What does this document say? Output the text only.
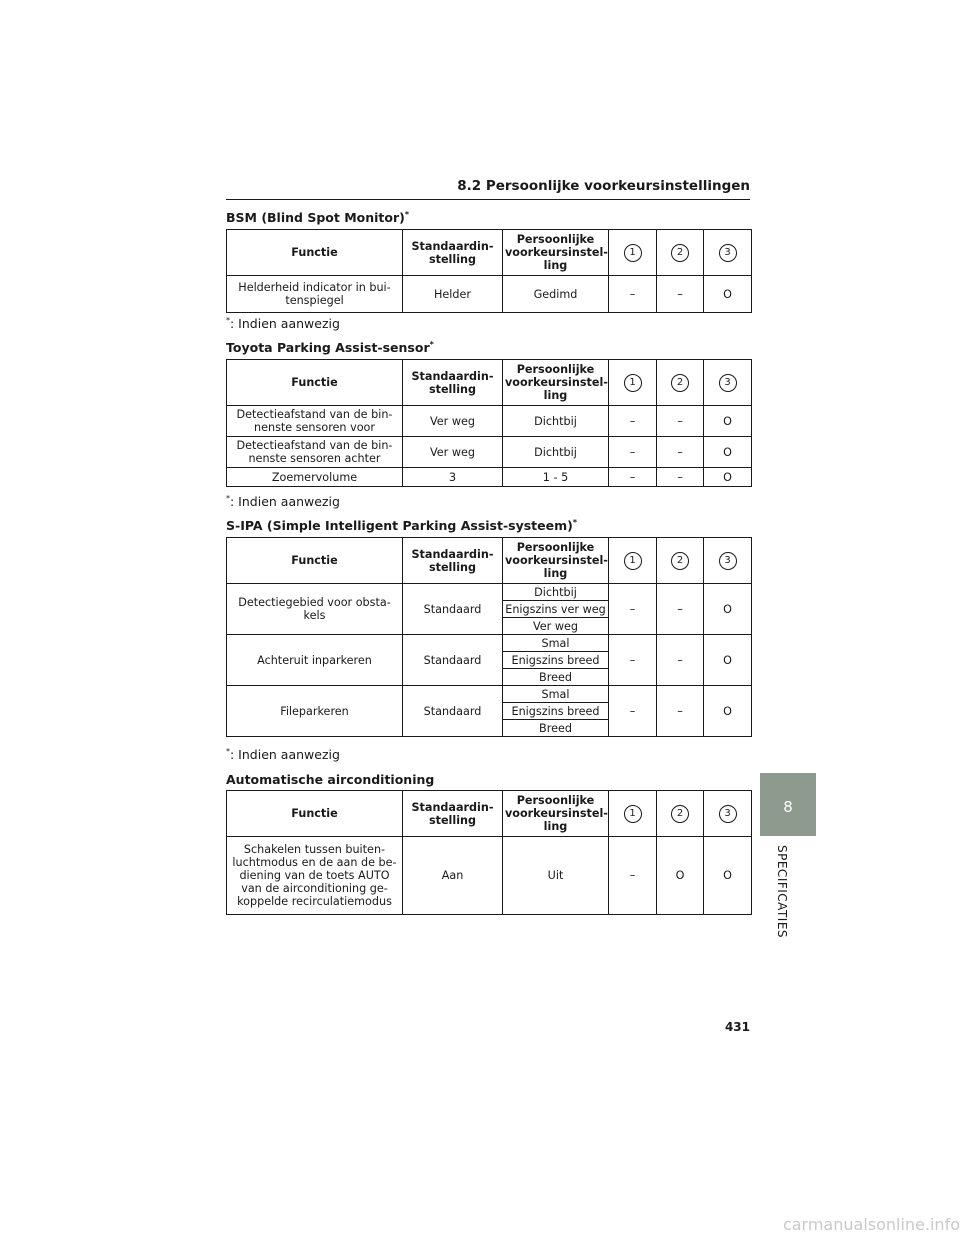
8.2 Persoonlijke voorkeursinstellingen
BSM (Blind Spot Monitor)*
Functie	Standaardin-stelling	Persoonlijke voorkeursinstel-ling	1	2	3
Helderheid indicator in bui-tenspiegel	Helder	Gedimd	–	–	O
*: Indien aanwezig
Toyota Parking Assist-sensor*
Functie	Standaardin-stelling	Persoonlijke voorkeursinstel-ling	1	2	3
Detectieafstand van de bin-nenste sensoren voor	Ver weg	Dichtbij	–	–	O
Detectieafstand van de bin-nenste sensoren achter	Ver weg	Dichtbij	–	–	O
Zoemervolume	3	1 - 5	–	–	O
*: Indien aanwezig
S-IPA (Simple Intelligent Parking Assist-systeem)*
Functie	Standaardin-stelling	Persoonlijke voorkeursinstel-ling	1	2	3
Detectiegebied voor obsta-kels	Standaard	Dichtbij	–	–	O
		Enigszins ver weg			
		Ver weg			
Achteruit inparkeren	Standaard	Smal	–	–	O
		Enigszins breed			
		Breed			
Fileparkeren	Standaard	Smal	–	–	O
		Enigszins breed			
		Breed			
*: Indien aanwezig
Automatische airconditioning
Functie	Standaardin-stelling	Persoonlijke voorkeursinstel-ling	1	2	3
Schakelen tussen buiten-luchtmodus en de aan de be-diening van de toets AUTO van de airconditioning ge-koppelde recirculatiemodus	Aan	Uit	–	O	O
8
SPECIFICATIES
431
carmanualsonline.info
